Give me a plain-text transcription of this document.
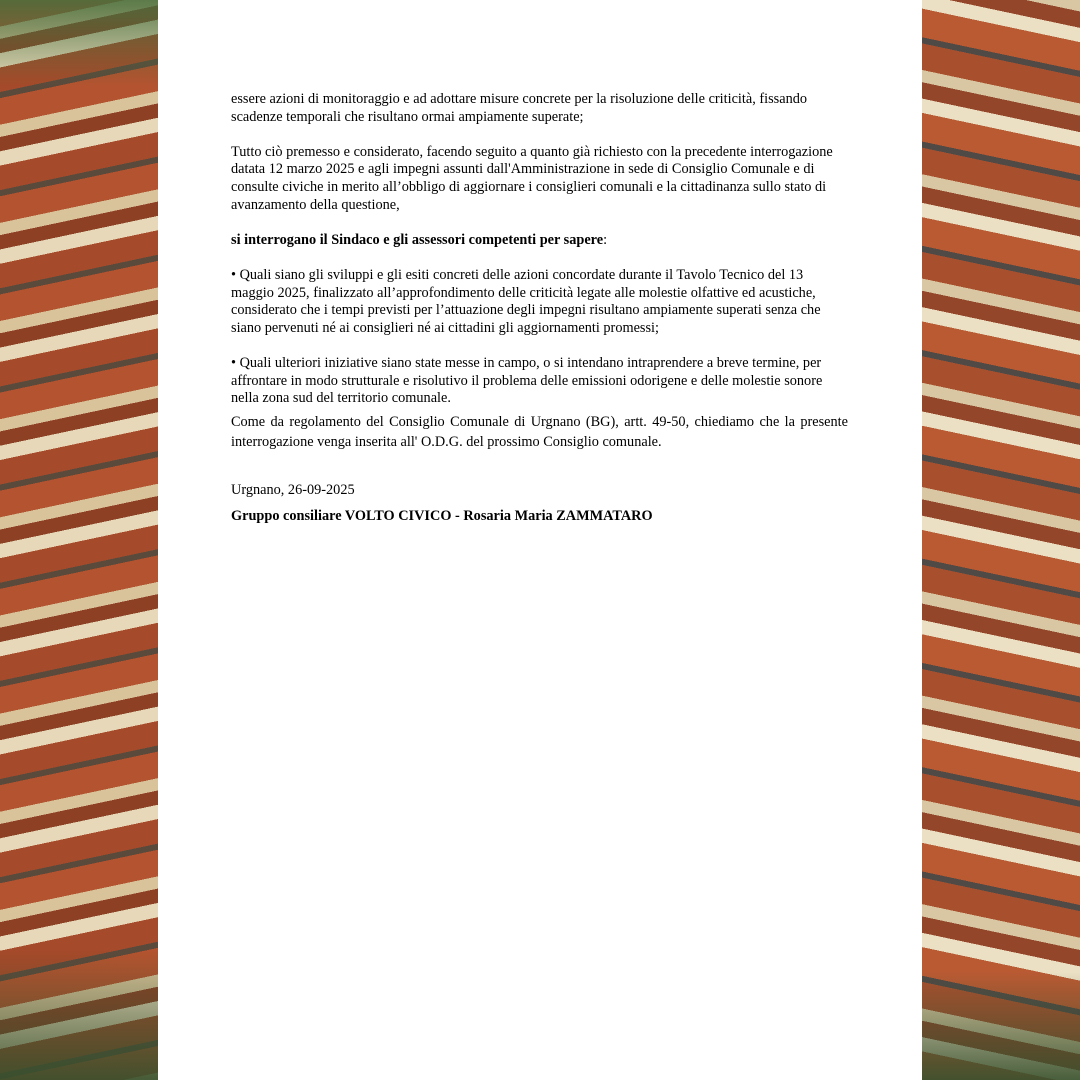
essere azioni di monitoraggio e ad adottare misure concrete per la risoluzione delle criticità, fissando scadenze temporali che risultano ormai ampiamente superate;

Tutto ciò premesso e considerato, facendo seguito a quanto già richiesto con la precedente interrogazione datata 12 marzo 2025 e agli impegni assunti dall'Amministrazione in sede di Consiglio Comunale e di consulte civiche in merito all’obbligo di aggiornare i consiglieri comunali e la cittadinanza sullo stato di avanzamento della questione,

si interrogano il Sindaco e gli assessori competenti per sapere:

• Quali siano gli sviluppi e gli esiti concreti delle azioni concordate durante il Tavolo Tecnico del 13 maggio 2025, finalizzato all’approfondimento delle criticità legate alle molestie olfattive ed acustiche, considerato che i tempi previsti per l’attuazione degli impegni risultano ampiamente superati senza che siano pervenuti né ai consiglieri né ai cittadini gli aggiornamenti promessi;

• Quali ulteriori iniziative siano state messe in campo, o si intendano intraprendere a breve termine, per affrontare in modo strutturale e risolutivo il problema delle emissioni odorigene e delle molestie sonore nella zona sud del territorio comunale.

Come da regolamento del Consiglio Comunale di Urgnano (BG), artt. 49-50, chiediamo che la presente interrogazione venga inserita all' O.D.G. del prossimo Consiglio comunale.

Urgnano, 26-09-2025

Gruppo consiliare VOLTO CIVICO - Rosaria Maria ZAMMATARO
